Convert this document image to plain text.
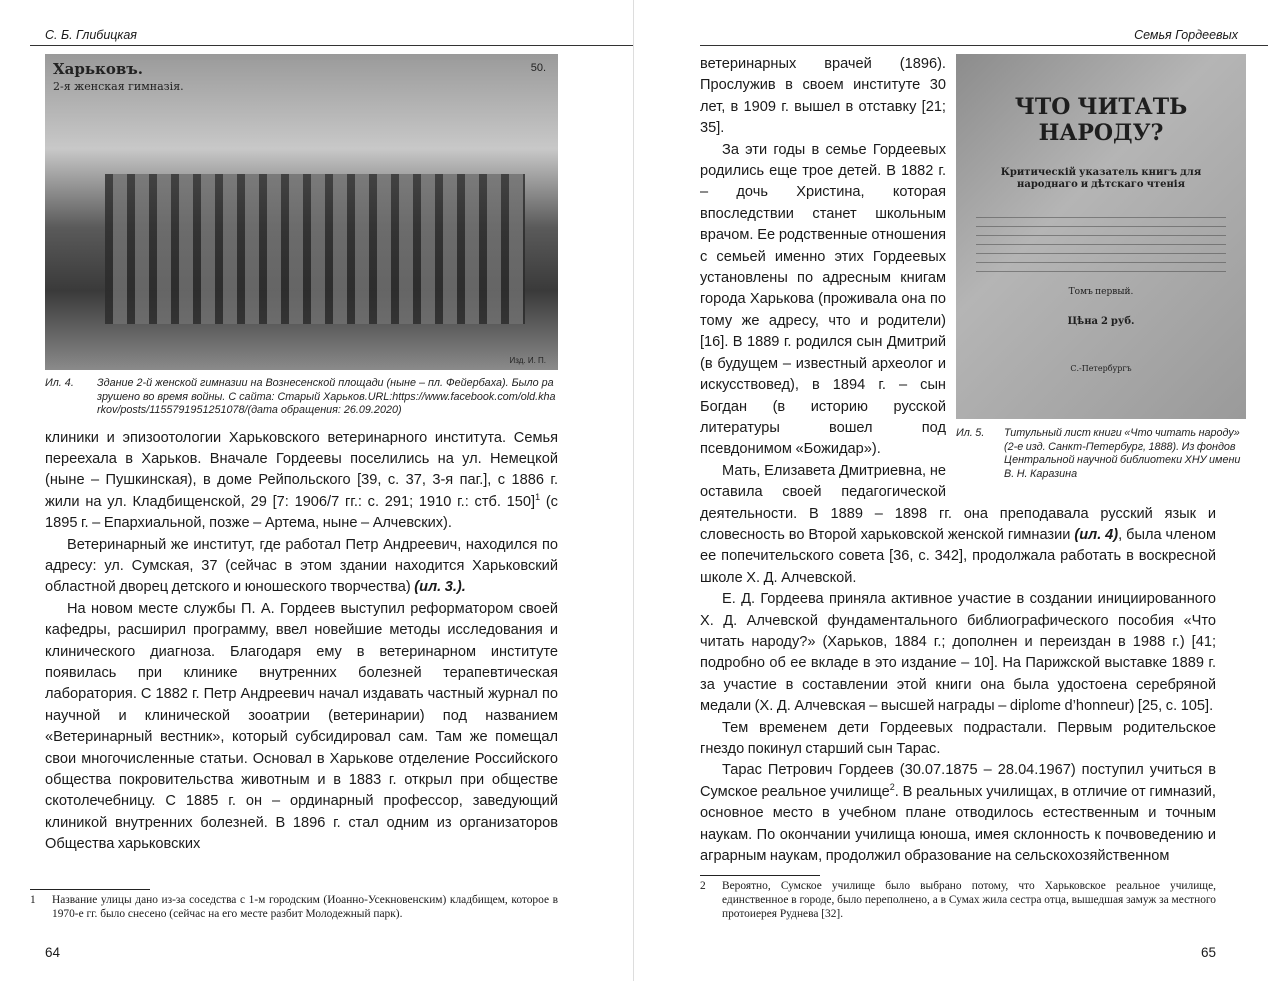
С. Б. Глибицкая
Харьковъ.
2-я женская гимназія.
50.
Изд. И. П.
Ил. 4.	Здание 2-й женской гимназии на Вознесенской площади (ныне – пл. Фейербаха). Было разрушено во время войны. С сайта: Старый Харьков.URL:https://www.facebook.com/old.kharkov/posts/1155791951251078/(дата обращения: 26.09.2020)

клиники и эпизоотологии Харьковского ветеринарного института. Семья переехала в Харьков. Вначале Гордеевы поселились на ул. Немецкой (ныне – Пушкинская), в доме Рейпольского [39, с. 37, 3-я паг.], с 1886 г. жили на ул. Кладбищенской, 29 [7: 1906/7 гг.: с. 291; 1910 г.: стб. 150]$^1$ (с 1895 г. – Епархиальной, позже – Артема, ныне – Алчевских).

Ветеринарный же институт, где работал Петр Андреевич, находился по адресу: ул. Сумская, 37 (сейчас в этом здании находится Харьковский областной дворец детского и юношеского творчества) (ил. 3.).

На новом месте службы П. А. Гордеев выступил реформатором своей кафедры, расширил программу, ввел новейшие методы исследования и клинического диагноза. Благодаря ему в ветеринарном институте появилась при клинике внутренних болезней терапевтическая лаборатория. С 1882 г. Петр Андреевич начал издавать частный журнал по научной и клинической зооатрии (ветеринарии) под названием «Ветеринарный вестник», который субсидировал сам. Там же помещал свои многочисленные статьи. Основал в Харькове отделение Российского общества покровительства животным и в 1883 г. открыл при обществе скотолечебницу. С 1885 г. он – ординарный профессор, заведующий клиникой внутренних болезней. В 1896 г. стал одним из организаторов Общества харьковских

1	Название улицы дано из-за соседства с 1-м городским (Иоанно-Усекновенским) кладбищем, которое в 1970-е гг. было снесено (сейчас на его месте разбит Молодежный парк).
64
Семья Гордеевых
ЧТО ЧИТАТЬ НАРОДУ?
Критическій указатель книгъ для народнаго и дѣтскаго чтенія
Томъ первый.
Цѣна 2 руб.
С.-Петербургъ
Ил. 5.	Титульный лист книги «Что читать народу» (2-е изд. Санкт-Петербург, 1888). Из фондов Центральной научной библиотеки ХНУ имени В. Н. Каразина

ветеринарных врачей (1896). Прослужив в своем институте 30 лет, в 1909 г. вышел в отставку [21; 35].

За эти годы в семье Гордеевых родились еще трое детей. В 1882 г. – дочь Христина, которая впоследствии станет школьным врачом. Ее родственные отношения с семьей именно этих Гордеевых установлены по адресным книгам города Харькова (проживала она по тому же адресу, что и родители) [16]. В 1889 г. родился сын Дмитрий (в будущем – известный археолог и искусствовед), в 1894 г. – сын Богдан (в историю русской литературы вошел под псевдонимом «Божидар»).

Мать, Елизавета Дмитриевна, не оставила своей педагогической деятельности. В 1889 – 1898 гг. она преподавала русский язык и словесность во Второй харьковской женской гимназии (ил. 4), была членом ее попечительского совета [36, с. 342], продолжала работать в воскресной школе Х. Д. Алчевской.

Е. Д. Гордеева приняла активное участие в создании инициированного Х. Д. Алчевской фундаментального библиографического пособия «Что читать народу?» (Харьков, 1884 г.; дополнен и переиздан в 1988 г.) [41; подробно об ее вкладе в это издание – 10]. На Парижской выставке 1889 г. за участие в составлении этой книги она была удостоена серебряной медали (Х. Д. Алчевская – высшей награды – diplome d’honneur) [25, с. 105].

Тем временем дети Гордеевых подрастали. Первым родительское гнездо покинул старший сын Тарас.

Тарас Петрович Гордеев (30.07.1875 – 28.04.1967) поступил учиться в Сумское реальное училище$^2$. В реальных училищах, в отличие от гимназий, основное место в учебном плане отводилось естественным и точным наукам. По окончании училища юноша, имея склонность к почвоведению и аграрным наукам, продолжил образование на сельскохозяйственном

2	Вероятно, Сумское училище было выбрано потому, что Харьковское реальное училище, единственное в городе, было переполнено, а в Сумах жила сестра отца, вышедшая замуж за местного протоиерея Руднева [32].
65
